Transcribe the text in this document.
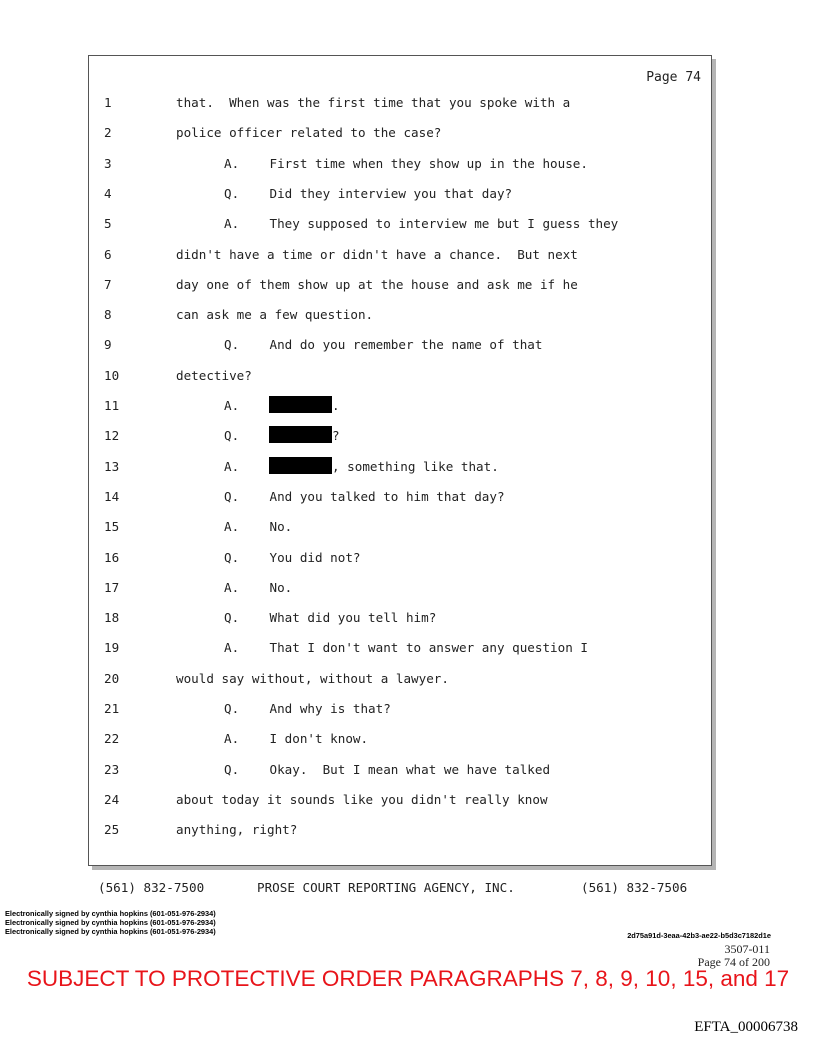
Page 74
1	that.  When was the first time that you spoke with a
2	police officer related to the case?
3	A.    First time when they show up in the house.
4	Q.    Did they interview you that day?
5	A.    They supposed to interview me but I guess they
6	didn't have a time or didn't have a chance.  But next
7	day one of them show up at the house and ask me if he
8	can ask me a few question.
9	Q.    And do you remember the name of that
10	detective?
11	A.	.
12	Q.	?
13	A.	, something like that.
14	Q.    And you talked to him that day?
15	A.    No.
16	Q.    You did not?
17	A.    No.
18	Q.    What did you tell him?
19	A.    That I don't want to answer any question I
20	would say without, without a lawyer.
21	Q.    And why is that?
22	A.    I don't know.
23	Q.    Okay.  But I mean what we have talked
24	about today it sounds like you didn't really know
25	anything, right?
(561) 832-7500	PROSE COURT REPORTING AGENCY, INC.	(561) 832-7506
Electronically signed by cynthia hopkins (601-051-976-2934)
Electronically signed by cynthia hopkins (601-051-976-2934)
Electronically signed by cynthia hopkins (601-051-976-2934)	2d75a91d-3eaa-42b3-ae22-b5d3c7182d1e
3507-011
Page 74 of 200
SUBJECT TO PROTECTIVE ORDER PARAGRAPHS 7, 8, 9, 10, 15, and 17
EFTA_00006738
